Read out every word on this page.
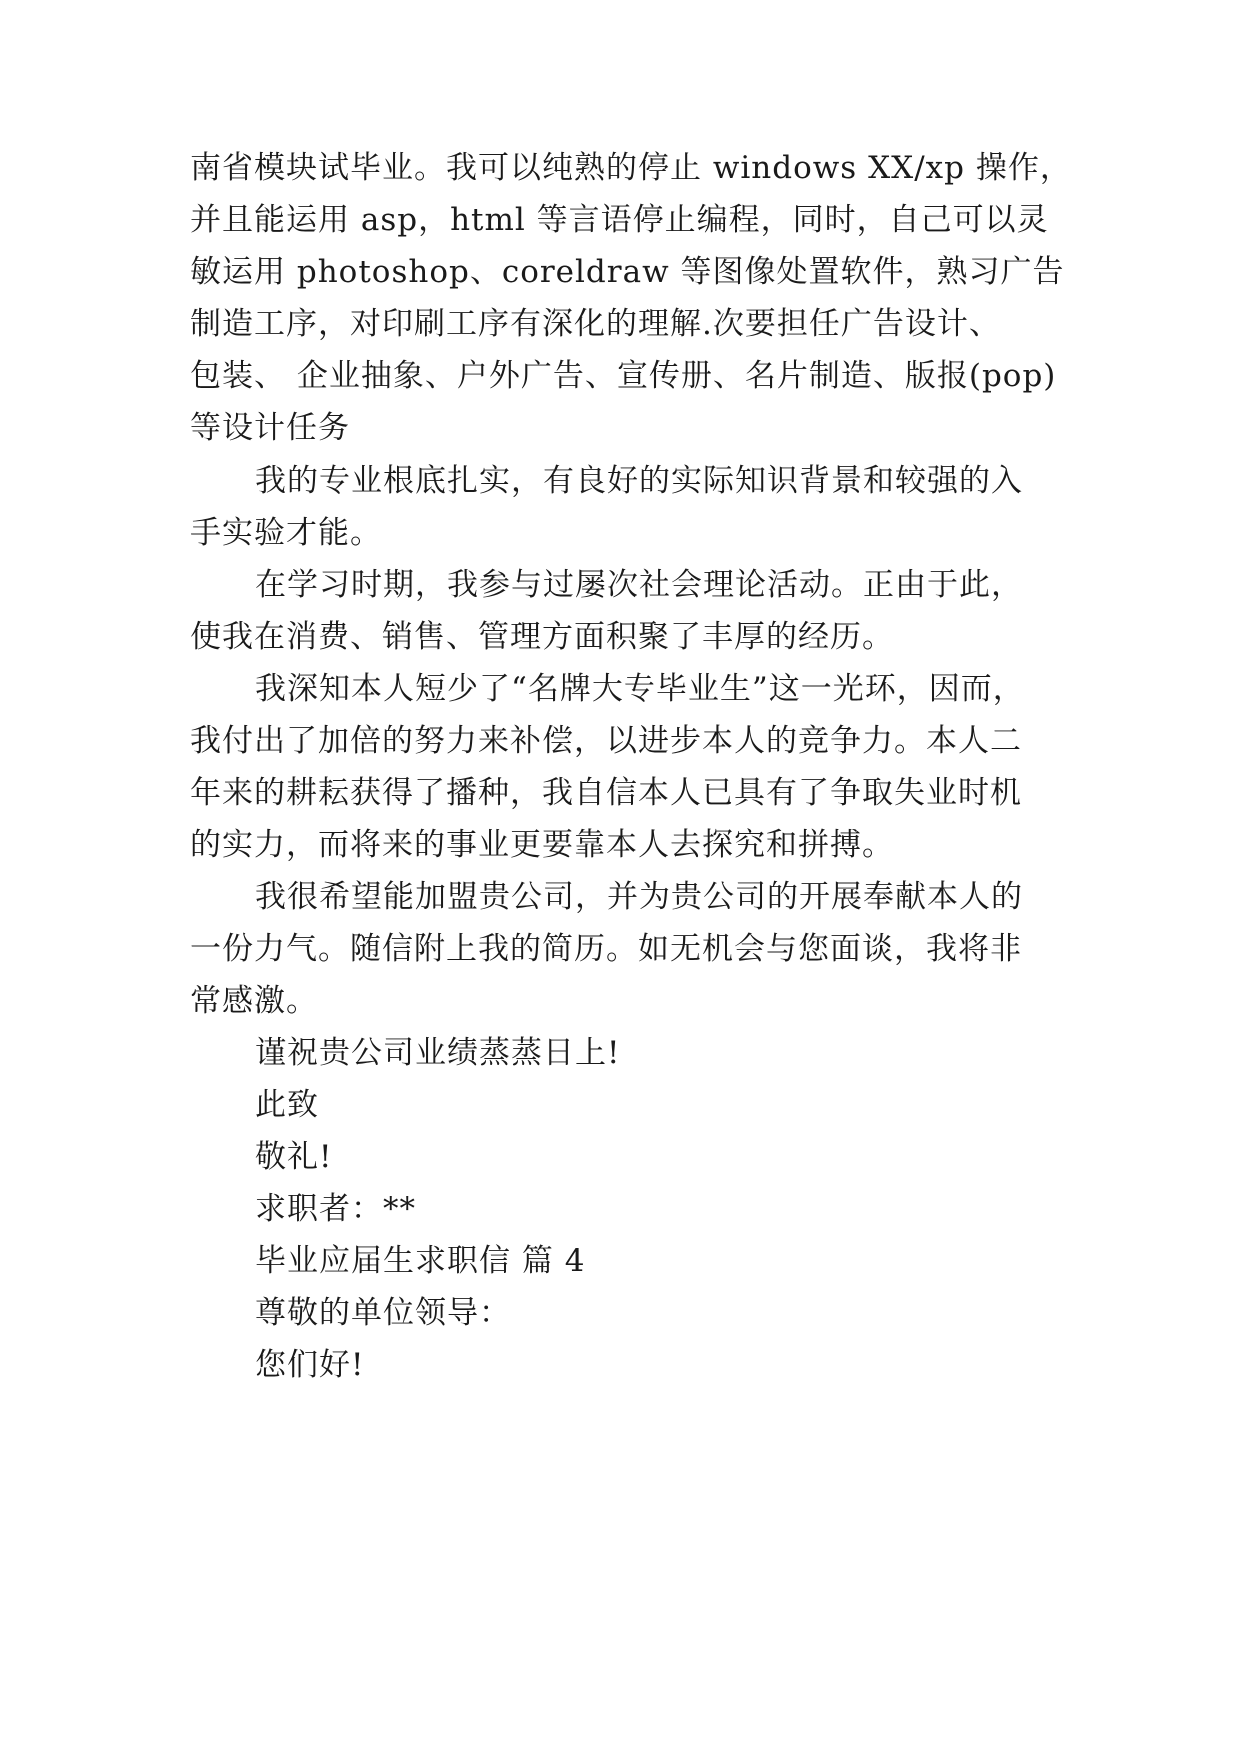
南省模块试毕业。我可以纯熟的停止 windows XX/xp 操作，
并且能运用 asp，html 等言语停止编程，同时，自己可以灵
敏运用 photoshop、coreldraw 等图像处置软件，熟习广告
制造工序，对印刷工序有深化的理解.次要担任广告设计、
包装、 企业抽象、户外广告、宣传册、名片制造、版报(pop)
等设计任务
我的专业根底扎实，有良好的实际知识背景和较强的入
手实验才能。
在学习时期，我参与过屡次社会理论活动。正由于此，
使我在消费、销售、管理方面积聚了丰厚的经历。
我深知本人短少了“名牌大专毕业生”这一光环，因而，
我付出了加倍的努力来补偿，以进步本人的竞争力。本人二
年来的耕耘获得了播种，我自信本人已具有了争取失业时机
的实力，而将来的事业更要靠本人去探究和拼搏。
我很希望能加盟贵公司，并为贵公司的开展奉献本人的
一份力气。随信附上我的简历。如无机会与您面谈，我将非
常感激。
谨祝贵公司业绩蒸蒸日上!
此致
敬礼!
求职者：**
毕业应届生求职信 篇 4
尊敬的单位领导：
您们好!
